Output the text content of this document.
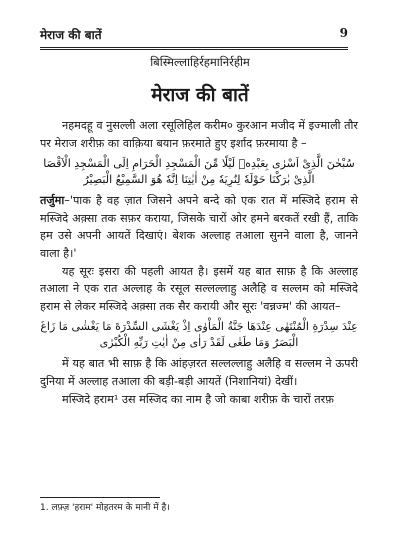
मेराज की बातें	9
बिस्मिल्लाहिर्रहमानिर्रहीम
मेराज की बातें

नहमदहू व नुसल्ली अला रसूलिहिल करीम० कुरआन मजीद में इज्माली तौर पर मेराज शरीफ़ का वाक़िया बयान फ़रमाते हुए इर्शाद फ़रमाया है –

سُبْحٰنَ الَّذِیْ اَسْرٰی بِعَبْدِهٖ لَیْلًا مِّنَ الْمَسْجِدِ الْحَرَامِ اِلَی الْمَسْجِدِ الْاَقْصَا الَّذِیْ بٰرَكْنَا حَوْلَهٗ لِنُرِیَهٗ مِنْ اٰیٰتِنَا اِنَّهٗ هُوَ السَّمِیْعُ الْبَصِیْرُ

तर्जुमा–'पाक है वह ज़ात जिसने अपने बन्दे को एक रात में मस्जिदे हराम से मस्जिदे अक़्सा तक सफ़र कराया, जिसके चारों ओर हमने बरकतें रखी हैं, ताकि हम उसे अपनी आयतें दिखाएं। बेशक अल्लाह तआला सुनने वाला है, जानने वाला है।'

यह सूरः इसरा की पहली आयत है। इसमें यह बात साफ़ है कि अल्लाह तआला ने एक रात अल्लाह के रसूल सल्लल्लाहु अलैहि व सल्लम को मस्जिदे हराम से लेकर मस्जिदे अक़्सा तक सैर करायी और सूरः 'वन्नज्म' की आयत–

عِنْدَ سِدْرَةِ الْمُنْتَهٰی عِنْدَهَا جَنَّةُ الْمَاْوٰی اِذْ یَغْشَی السِّدْرَةَ مَا یَغْشٰی مَا زَاغَ الْبَصَرُ وَمَا طَغٰی لَقَدْ رَاٰی مِنْ اٰیٰتِ رَبِّهِ الْكُبْرٰی

में यह बात भी साफ़ है कि आंहज़रत सल्लल्लाहु अलैहि व सल्लम ने ऊपरी दुनिया में अल्लाह तआला की बड़ी-बड़ी आयतें (निशानियां) देखीं।

मस्जिदे हराम¹ उस मस्जिद का नाम है जो काबा शरीफ़ के चारों तरफ़

1. लफ़्ज़ 'हराम' मोहतरम के मानी में है।
